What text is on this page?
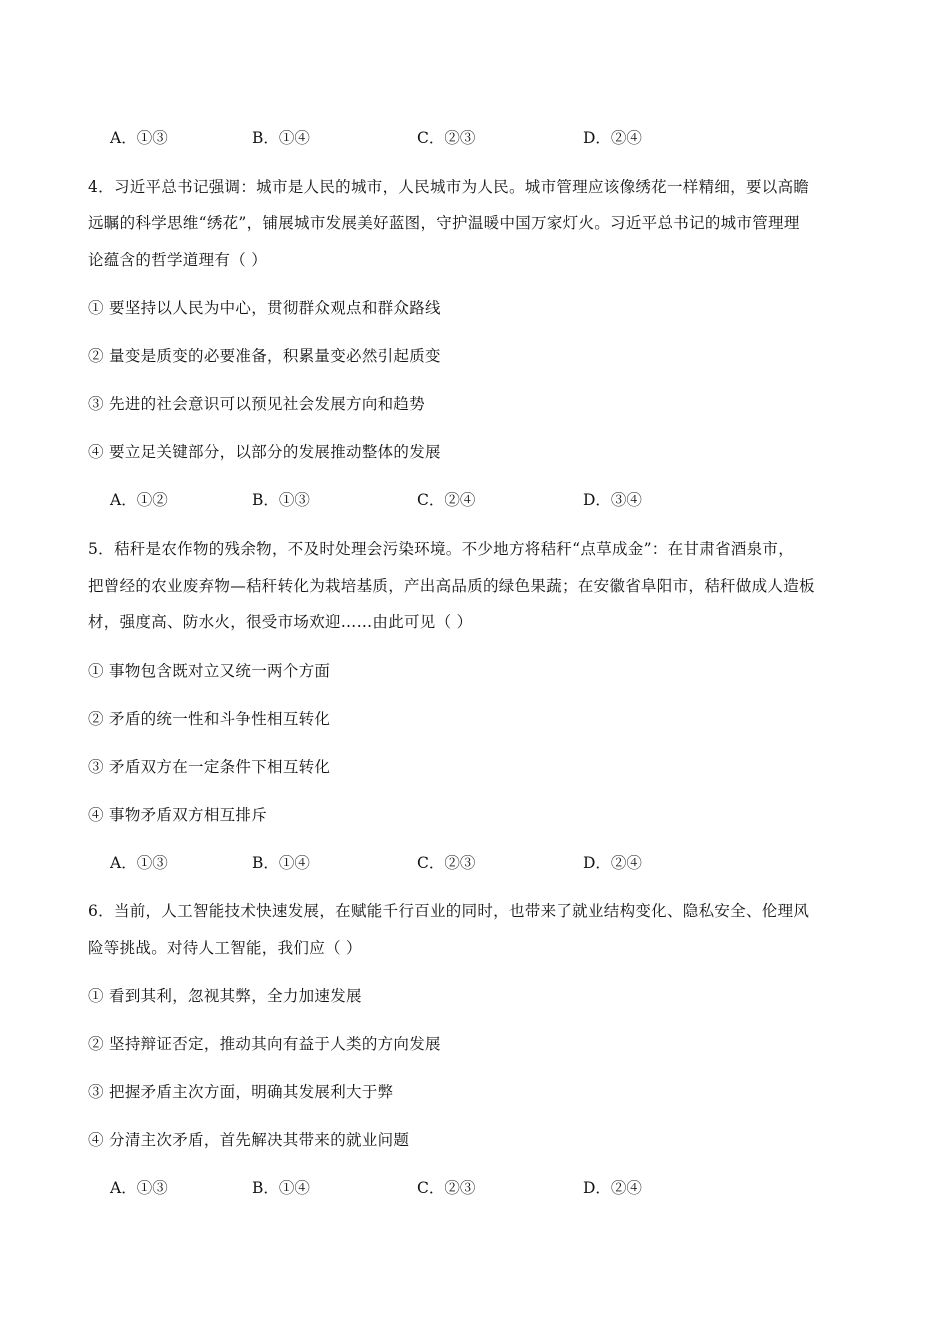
A．①③	B．①④	C．②③	D．②④
4．习近平总书记强调：城市是人民的城市，人民城市为人民。城市管理应该像绣花一样精细，要以高瞻
远瞩的科学思维“绣花”，铺展城市发展美好蓝图，守护温暖中国万家灯火。习近平总书记的城市管理理
论蕴含的哲学道理有（ ）
① 要坚持以人民为中心，贯彻群众观点和群众路线
② 量变是质变的必要准备，积累量变必然引起质变
③ 先进的社会意识可以预见社会发展方向和趋势
④ 要立足关键部分，以部分的发展推动整体的发展
A．①②	B．①③	C．②④	D．③④
5．秸秆是农作物的残余物，不及时处理会污染环境。不少地方将秸秆“点草成金”：在甘肃省酒泉市，
把曾经的农业废弃物—秸秆转化为栽培基质，产出高品质的绿色果蔬；在安徽省阜阳市，秸秆做成人造板
材，强度高、防水火，很受市场欢迎……由此可见（ ）
① 事物包含既对立又统一两个方面
② 矛盾的统一性和斗争性相互转化
③ 矛盾双方在一定条件下相互转化
④ 事物矛盾双方相互排斥
A．①③	B．①④	C．②③	D．②④
6．当前，人工智能技术快速发展，在赋能千行百业的同时，也带来了就业结构变化、隐私安全、伦理风
险等挑战。对待人工智能，我们应（ ）
① 看到其利，忽视其弊，全力加速发展
② 坚持辩证否定，推动其向有益于人类的方向发展
③ 把握矛盾主次方面，明确其发展利大于弊
④ 分清主次矛盾，首先解决其带来的就业问题
A．①③	B．①④	C．②③	D．②④
